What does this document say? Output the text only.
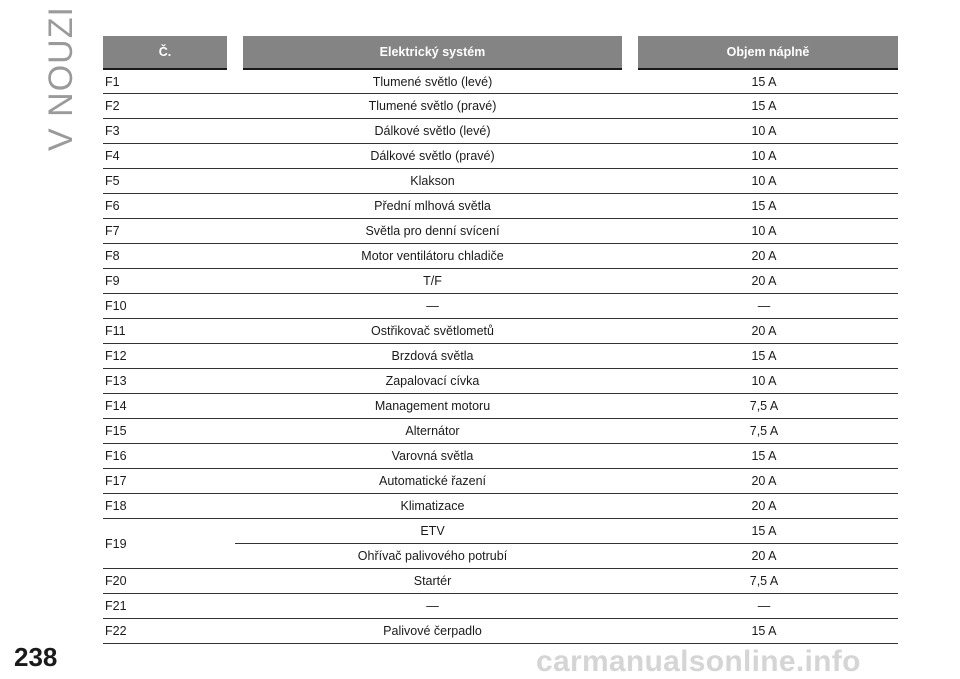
V NOUZI	Č.	Elektrický systém	Objem náplně
F1	Tlumené světlo (levé)	15 A
F2	Tlumené světlo (pravé)	15 A
F3	Dálkové světlo (levé)	10 A
F4	Dálkové světlo (pravé)	10 A
F5	Klakson	10 A
F6	Přední mlhová světla	15 A
F7	Světla pro denní svícení	10 A
F8	Motor ventilátoru chladiče	20 A
F9	T/F	20 A
F10	—	—
F11	Ostřikovač světlometů	20 A
F12	Brzdová světla	15 A
F13	Zapalovací cívka	10 A
F14	Management motoru	7,5 A
F15	Alternátor	7,5 A
F16	Varovná světla	15 A
F17	Automatické řazení	20 A
F18	Klimatizace	20 A
F19	ETV	15 A
	Ohřívač palivového potrubí	20 A
F20	Startér	7,5 A
F21	—	—
F22	Palivové čerpadlo	15 A
238	carmanualsonline.info
